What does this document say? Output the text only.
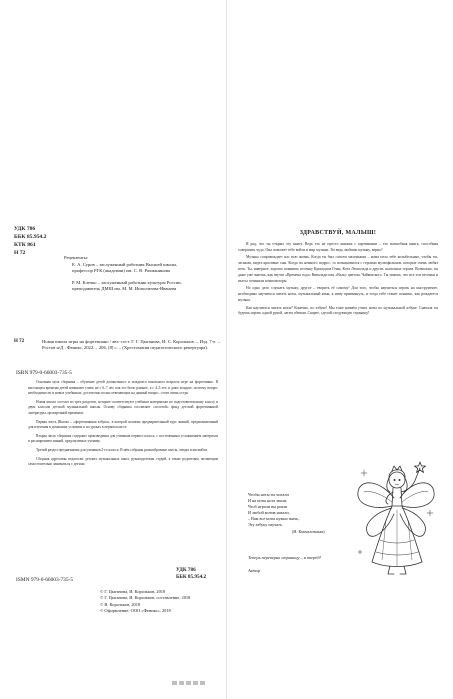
УДК 786
ББК 85.954.2
КТК 861
Н 72
Рецензенты:
Е. А. Суров – заслуженный работник Высшей школы,
профессор РГК (академии) им. С. В. Рахманинова
Р. М. Клечко – заслуженный работник культуры России,
преподаватель ДМШ им. М. М. Ипполитова-Иванова
Н 72	Новая школа игры на фортепиано / авт.-сост. Г. Г. Цыганова, И. С. Корольков. – Изд. 7-е. – Ростов н/Д : Феникс, 2022. – 206, [8] с. – (Хрестоматия педагогического репертуара).
ISBN 979-0-66003-735-5

Основная цель сборника – обучение детей дошкольного и младшего школьного возраста игре на фортепиано. В настоящем времени детей начинают учить не с 6–7 лет, как это было раньше, а с 4–5 лет, и даже младше, поэтому вопрос необходимости в новых учебниках, достаточно полно отвечающих на данный вопрос, стоит очень остро.

Новая школа состоит из трех разделов, которые соответствуют учебным материалам по подготовительному классу и двум классам детской музыкальной школы. Основу сборника составляет «золотой» фонд детской фортепианной литературы, проверенной временем.

Первая часть Школы – «фортепианная азбука», в которой заложен предварительный курс знаний, предназначенный для изучения в домашних условиях и на уроках в первом классе.

Вторая часть сборника содержит произведения для учеников первого класса, с постепенным усложнением материала и расширением знаний, предлагаемых ученику.

Третий раздел предназначен для учеников 2-го класса. В нём собраны разнообразные пьесы, этюды и ансамбли.

Сборник адресован педагогам детских музыкальных школ, руководителям студий, а также родителям, желающим самостоятельно заниматься с детьми.

УДК 786
ББК 85.954.2
ISMN 979-0-66003-735-5
© Г. Цыганова, И. Корольков, 2018
© Г. Цыганова, И. Корольков, составление, 2018
© В. Корольков, 2018
© Оформление: ООО «Феникс», 2018
ЗДРАВСТВУЙ, МАЛЫШ!

Я рад, что ты открыл эту книгу. Ведь это не просто книжка с картинками – это волшебная книга, способная совершить чудо. Она поможет тебе войти в мир музыки. Ты ведь любишь музыку, верно?

Музыка сопровождает нас всю жизнь. Когда ты был совсем маленьким – мама пела тебе колыбельные, чтобы ты, засыпая, видел красивые сны. Когда ты немного подрос, то познакомился с героями мультфильмов, которые очень любят петь. Ты, наверное, хорошо помнишь песенку Крокодила Гены, Кота Леопольда и других сказочных героев. Возможно, ты даже уже знаешь, как звучат «Времена года» Вивальди или «Вальс цветов» Чайковского. Ты знаешь, что все эти песенки и пьесы сочинили композиторы.

Но одно дело слушать музыку, другое – творить её самому! Для того, чтобы научиться играть на инструменте, необходимо научиться читать ноты, музыкальный язык, к нему привыкнуть, и тогда тебе станет понятно, как рождается музыка.

Как научиться читать ноты? Конечно, по азбуке! Мы тоже начнём учить ноты по музыкальной азбуке. Сначала ты будешь играть одной рукой, затем обеими. Скорее, сделай следующую страницу!

Чтобы ноты ты читали
И на ноты нота звали,
Чтоб играли вы рояли
И любой мотив назали,
– Вам все ноты нужно знать,
Эту азбуку изучать.
(Н. Кончаловская)
Теперь переверни страницу – и вперёд!
Автор
